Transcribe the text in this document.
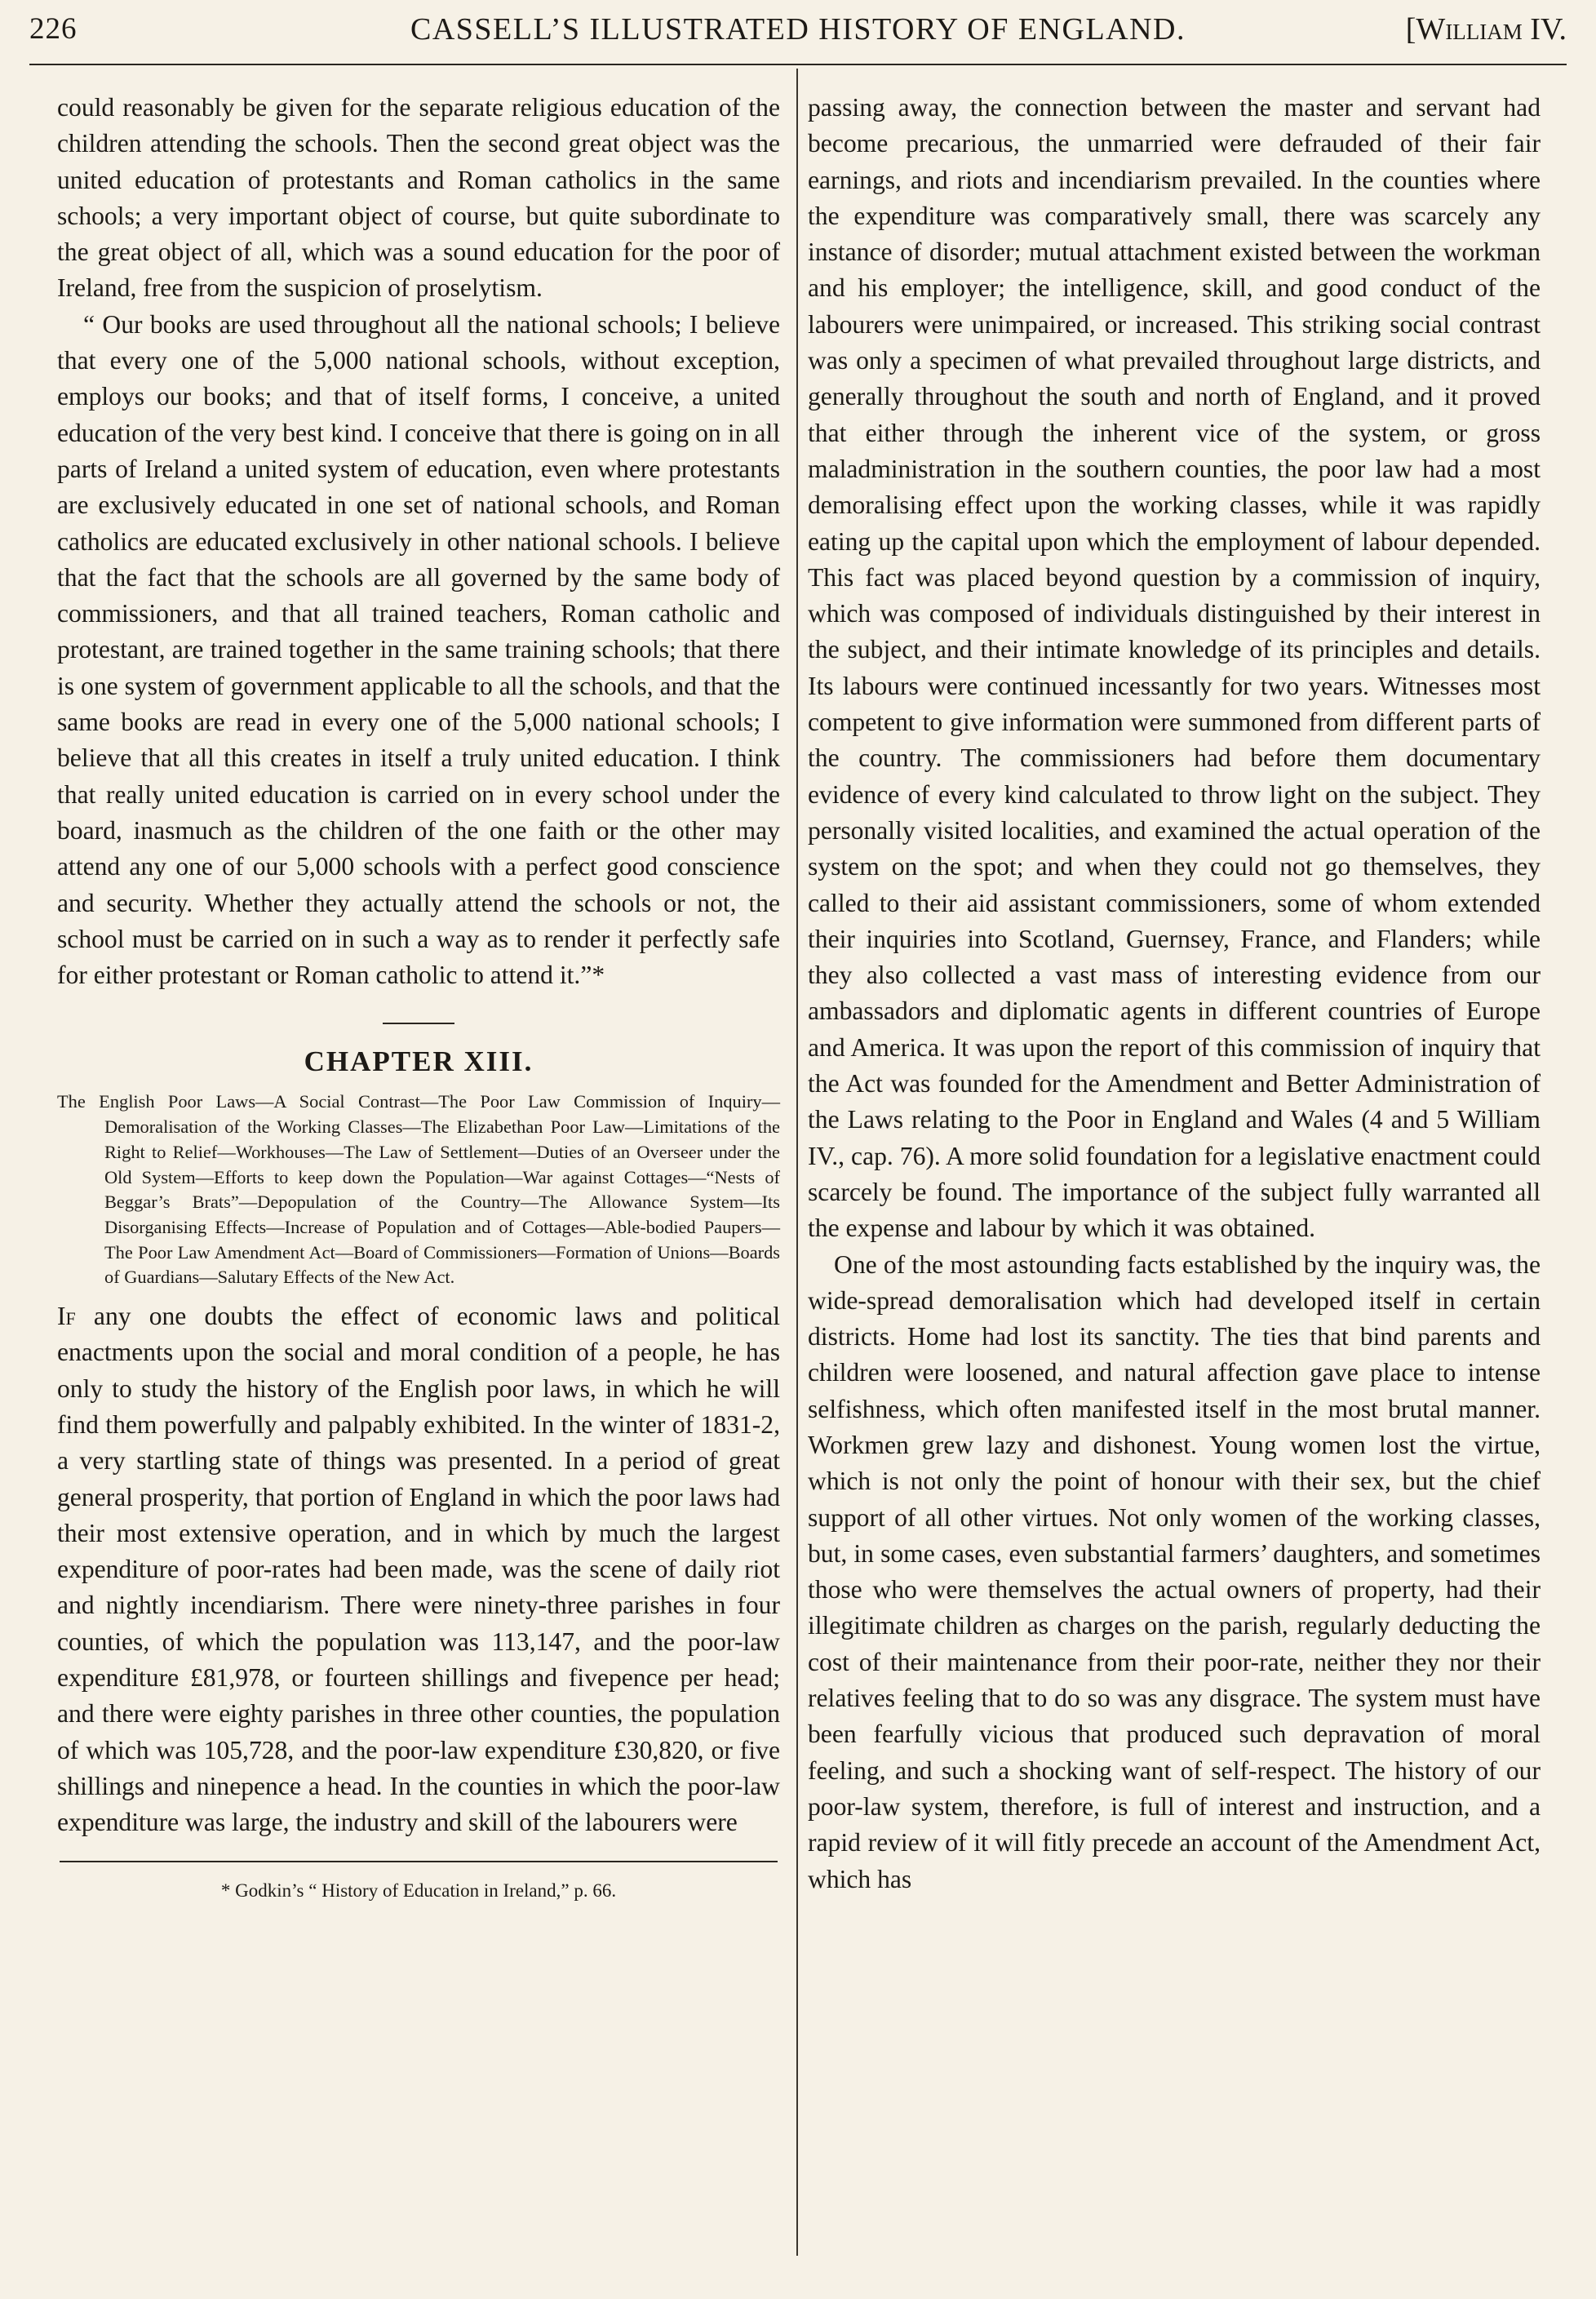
226	CASSELL’S ILLUSTRATED HISTORY OF ENGLAND.	[William IV.

could reasonably be given for the separate religious education of the children attending the schools. Then the second great object was the united education of protestants and Roman catholics in the same schools; a very important object of course, but quite subordinate to the great object of all, which was a sound education for the poor of Ireland, free from the suspicion of proselytism.

“ Our books are used throughout all the national schools; I believe that every one of the 5,000 national schools, without exception, employs our books; and that of itself forms, I conceive, a united education of the very best kind. I conceive that there is going on in all parts of Ireland a united system of education, even where protestants are exclusively educated in one set of national schools, and Roman catholics are educated exclusively in other national schools. I believe that the fact that the schools are all governed by the same body of commissioners, and that all trained teachers, Roman catholic and protestant, are trained together in the same training schools; that there is one system of government applicable to all the schools, and that the same books are read in every one of the 5,000 national schools; I believe that all this creates in itself a truly united education. I think that really united education is carried on in every school under the board, inasmuch as the children of the one faith or the other may attend any one of our 5,000 schools with a perfect good conscience and security. Whether they actually attend the schools or not, the school must be carried on in such a way as to render it perfectly safe for either protestant or Roman catholic to attend it.”*

CHAPTER XIII.

The English Poor Laws—A Social Contrast—The Poor Law Commission of Inquiry—Demoralisation of the Working Classes—The Elizabethan Poor Law—Limitations of the Right to Relief—Workhouses—The Law of Settlement—Duties of an Overseer under the Old System—Efforts to keep down the Population—War against Cottages—“Nests of Beggar’s Brats”—Depopulation of the Country—The Allowance System—Its Disorganising Effects—Increase of Population and of Cottages—Able-bodied Paupers—The Poor Law Amendment Act—Board of Commissioners—Formation of Unions—Boards of Guardians—Salutary Effects of the New Act.

If any one doubts the effect of economic laws and political enactments upon the social and moral condition of a people, he has only to study the history of the English poor laws, in which he will find them powerfully and palpably exhibited. In the winter of 1831-2, a very startling state of things was presented. In a period of great general prosperity, that portion of England in which the poor laws had their most extensive operation, and in which by much the largest expenditure of poor-rates had been made, was the scene of daily riot and nightly incendiarism. There were ninety-three parishes in four counties, of which the population was 113,147, and the poor-law expenditure £81,978, or fourteen shillings and fivepence per head; and there were eighty parishes in three other counties, the population of which was 105,728, and the poor-law expenditure £30,820, or five shillings and ninepence a head. In the counties in which the poor-law expenditure was large, the industry and skill of the labourers were

* Godkin’s “ History of Education in Ireland,” p. 66.

passing away, the connection between the master and servant had become precarious, the unmarried were defrauded of their fair earnings, and riots and incendiarism prevailed. In the counties where the expenditure was comparatively small, there was scarcely any instance of disorder; mutual attachment existed between the workman and his employer; the intelligence, skill, and good conduct of the labourers were unimpaired, or increased. This striking social contrast was only a specimen of what prevailed throughout large districts, and generally throughout the south and north of England, and it proved that either through the inherent vice of the system, or gross maladministration in the southern counties, the poor law had a most demoralising effect upon the working classes, while it was rapidly eating up the capital upon which the employment of labour depended. This fact was placed beyond question by a commission of inquiry, which was composed of individuals distinguished by their interest in the subject, and their intimate knowledge of its principles and details. Its labours were continued incessantly for two years. Witnesses most competent to give information were summoned from different parts of the country. The commissioners had before them documentary evidence of every kind calculated to throw light on the subject. They personally visited localities, and examined the actual operation of the system on the spot; and when they could not go themselves, they called to their aid assistant commissioners, some of whom extended their inquiries into Scotland, Guernsey, France, and Flanders; while they also collected a vast mass of interesting evidence from our ambassadors and diplomatic agents in different countries of Europe and America. It was upon the report of this commission of inquiry that the Act was founded for the Amendment and Better Administration of the Laws relating to the Poor in England and Wales (4 and 5 William IV., cap. 76). A more solid foundation for a legislative enactment could scarcely be found. The importance of the subject fully warranted all the expense and labour by which it was obtained.

One of the most astounding facts established by the inquiry was, the wide-spread demoralisation which had developed itself in certain districts. Home had lost its sanctity. The ties that bind parents and children were loosened, and natural affection gave place to intense selfishness, which often manifested itself in the most brutal manner. Workmen grew lazy and dishonest. Young women lost the virtue, which is not only the point of honour with their sex, but the chief support of all other virtues. Not only women of the working classes, but, in some cases, even substantial farmers’ daughters, and sometimes those who were themselves the actual owners of property, had their illegitimate children as charges on the parish, regularly deducting the cost of their maintenance from their poor-rate, neither they nor their relatives feeling that to do so was any disgrace. The system must have been fearfully vicious that produced such depravation of moral feeling, and such a shocking want of self-respect. The history of our poor-law system, therefore, is full of interest and instruction, and a rapid review of it will fitly precede an account of the Amendment Act, which has
